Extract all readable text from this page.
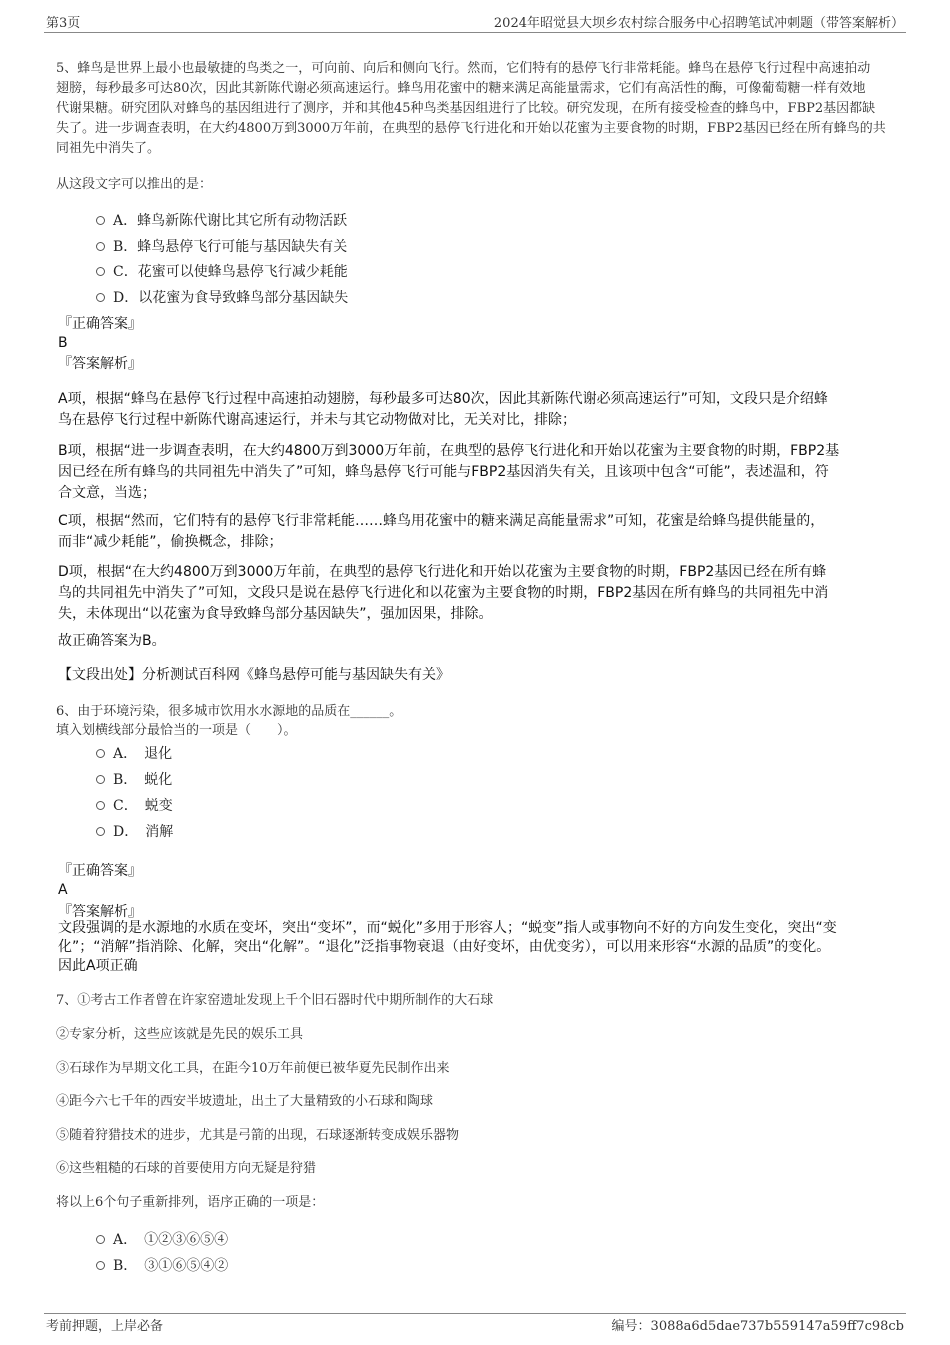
第3页	2024年昭觉县大坝乡农村综合服务中心招聘笔试冲刺题（带答案解析）
5、蜂鸟是世界上最小也最敏捷的鸟类之一，可向前、向后和侧向飞行。然而，它们特有的悬停飞行非常耗能。蜂鸟在悬停飞行过程中高速拍动
翅膀，每秒最多可达80次，因此其新陈代谢必须高速运行。蜂鸟用花蜜中的糖来满足高能量需求，它们有高活性的酶，可像葡萄糖一样有效地
代谢果糖。研究团队对蜂鸟的基因组进行了测序，并和其他45种鸟类基因组进行了比较。研究发现，在所有接受检查的蜂鸟中，FBP2基因都缺
失了。进一步调查表明，在大约4800万到3000万年前，在典型的悬停飞行进化和开始以花蜜为主要食物的时期，FBP2基因已经在所有蜂鸟的共
同祖先中消失了。
从这段文字可以推出的是：
A．蜂鸟新陈代谢比其它所有动物活跃
B．蜂鸟悬停飞行可能与基因缺失有关
C．花蜜可以使蜂鸟悬停飞行减少耗能
D．以花蜜为食导致蜂鸟部分基因缺失
『正确答案』
B
『答案解析』
A项，根据“蜂鸟在悬停飞行过程中高速拍动翅膀，每秒最多可达80次，因此其新陈代谢必须高速运行”可知，文段只是介绍蜂
鸟在悬停飞行过程中新陈代谢高速运行，并未与其它动物做对比，无关对比，排除；
B项，根据“进一步调查表明，在大约4800万到3000万年前，在典型的悬停飞行进化和开始以花蜜为主要食物的时期，FBP2基
因已经在所有蜂鸟的共同祖先中消失了”可知，蜂鸟悬停飞行可能与FBP2基因消失有关，且该项中包含“可能”，表述温和，符
合文意，当选；
C项，根据“然而，它们特有的悬停飞行非常耗能……蜂鸟用花蜜中的糖来满足高能量需求”可知，花蜜是给蜂鸟提供能量的，
而非“减少耗能”，偷换概念，排除；
D项，根据“在大约4800万到3000万年前，在典型的悬停飞行进化和开始以花蜜为主要食物的时期，FBP2基因已经在所有蜂
鸟的共同祖先中消失了”可知，文段只是说在悬停飞行进化和以花蜜为主要食物的时期，FBP2基因在所有蜂鸟的共同祖先中消
失，未体现出“以花蜜为食导致蜂鸟部分基因缺失”，强加因果，排除。
故正确答案为B。
【文段出处】分析测试百科网《蜂鸟悬停可能与基因缺失有关》
6、由于环境污染，很多城市饮用水水源地的品质在______。
填入划横线部分最恰当的一项是（　　）。
A．　退化
B．　蜕化
C．　蜕变
D．　消解
『正确答案』
A
『答案解析』
文段强调的是水源地的水质在变坏，突出“变坏”，而“蜕化”多用于形容人；“蜕变”指人或事物向不好的方向发生变化，突出“变
化”；“消解”指消除、化解，突出“化解”。“退化”泛指事物衰退（由好变坏，由优变劣），可以用来形容“水源的品质”的变化。
因此A项正确
7、①考古工作者曾在许家窑遗址发现上千个旧石器时代中期所制作的大石球
②专家分析，这些应该就是先民的娱乐工具
③石球作为早期文化工具，在距今10万年前便已被华夏先民制作出来
④距今六七千年的西安半坡遗址，出土了大量精致的小石球和陶球
⑤随着狩猎技术的进步，尤其是弓箭的出现，石球逐渐转变成娱乐器物
⑥这些粗糙的石球的首要使用方向无疑是狩猎
将以上6个句子重新排列，语序正确的一项是：
A．　①②③⑥⑤④
B．　③①⑥⑤④②
考前押题，上岸必备	编号：3088a6d5dae737b559147a59ff7c98cb
